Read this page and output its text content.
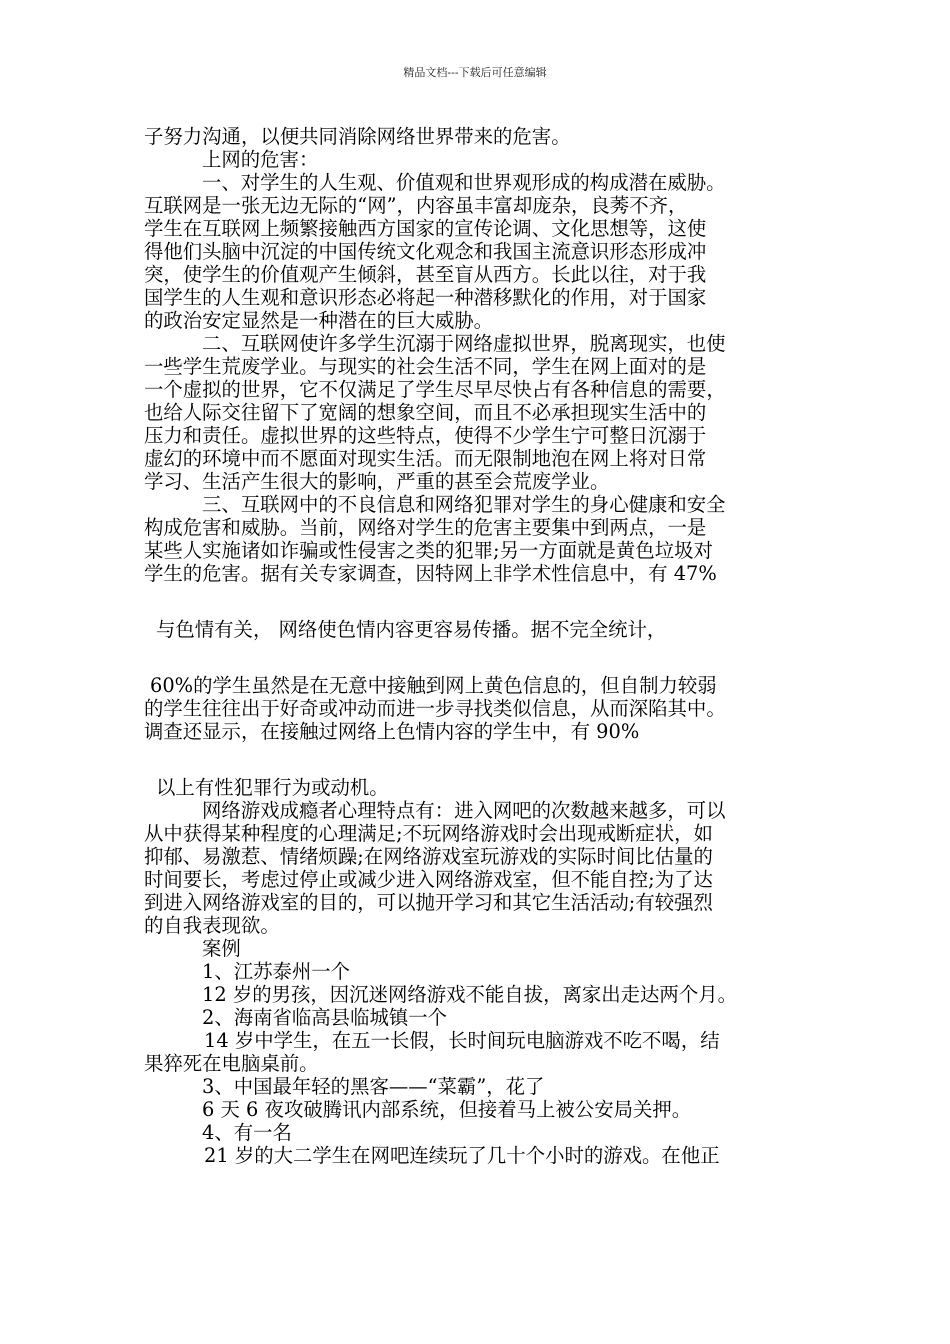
精品文档---下载后可任意编辑
子努力沟通，以便共同消除网络世界带来的危害。
上网的危害：
一、对学生的人生观、价值观和世界观形成的构成潜在威胁。
互联网是一张无边无际的“网”，内容虽丰富却庞杂，良莠不齐，
学生在互联网上频繁接触西方国家的宣传论调、文化思想等，这使
得他们头脑中沉淀的中国传统文化观念和我国主流意识形态形成冲
突，使学生的价值观产生倾斜，甚至盲从西方。长此以往，对于我
国学生的人生观和意识形态必将起一种潜移默化的作用，对于国家
的政治安定显然是一种潜在的巨大威胁。
二、互联网使许多学生沉溺于网络虚拟世界，脱离现实，也使
一些学生荒废学业。与现实的社会生活不同，学生在网上面对的是
一个虚拟的世界，它不仅满足了学生尽早尽快占有各种信息的需要，
也给人际交往留下了宽阔的想象空间，而且不必承担现实生活中的
压力和责任。虚拟世界的这些特点，使得不少学生宁可整日沉溺于
虚幻的环境中而不愿面对现实生活。而无限制地泡在网上将对日常
学习、生活产生很大的影响，严重的甚至会荒废学业。
三、互联网中的不良信息和网络犯罪对学生的身心健康和安全
构成危害和威胁。当前，网络对学生的危害主要集中到两点，一是
某些人实施诸如诈骗或性侵害之类的犯罪;另一方面就是黄色垃圾对
学生的危害。据有关专家调查，因特网上非学术性信息中，有 47%
与色情有关， 网络使色情内容更容易传播。据不完全统计，
60%的学生虽然是在无意中接触到网上黄色信息的，但自制力较弱
的学生往往出于好奇或冲动而进一步寻找类似信息，从而深陷其中。
调查还显示，在接触过网络上色情内容的学生中，有 90%
以上有性犯罪行为或动机。
网络游戏成瘾者心理特点有：进入网吧的次数越来越多，可以
从中获得某种程度的心理满足;不玩网络游戏时会出现戒断症状，如
抑郁、易激惹、情绪烦躁;在网络游戏室玩游戏的实际时间比估量的
时间要长，考虑过停止或减少进入网络游戏室，但不能自控;为了达
到进入网络游戏室的目的，可以抛开学习和其它生活活动;有较强烈
的自我表现欲。
案例
1、江苏泰州一个
12 岁的男孩，因沉迷网络游戏不能自拔，离家出走达两个月。
2、海南省临高县临城镇一个
14 岁中学生，在五一长假，长时间玩电脑游戏不吃不喝，结
果猝死在电脑桌前。
3、中国最年轻的黑客——“菜霸”，花了
6 天 6 夜攻破腾讯内部系统，但接着马上被公安局关押。
4、有一名
21 岁的大二学生在网吧连续玩了几十个小时的游戏。在他正
